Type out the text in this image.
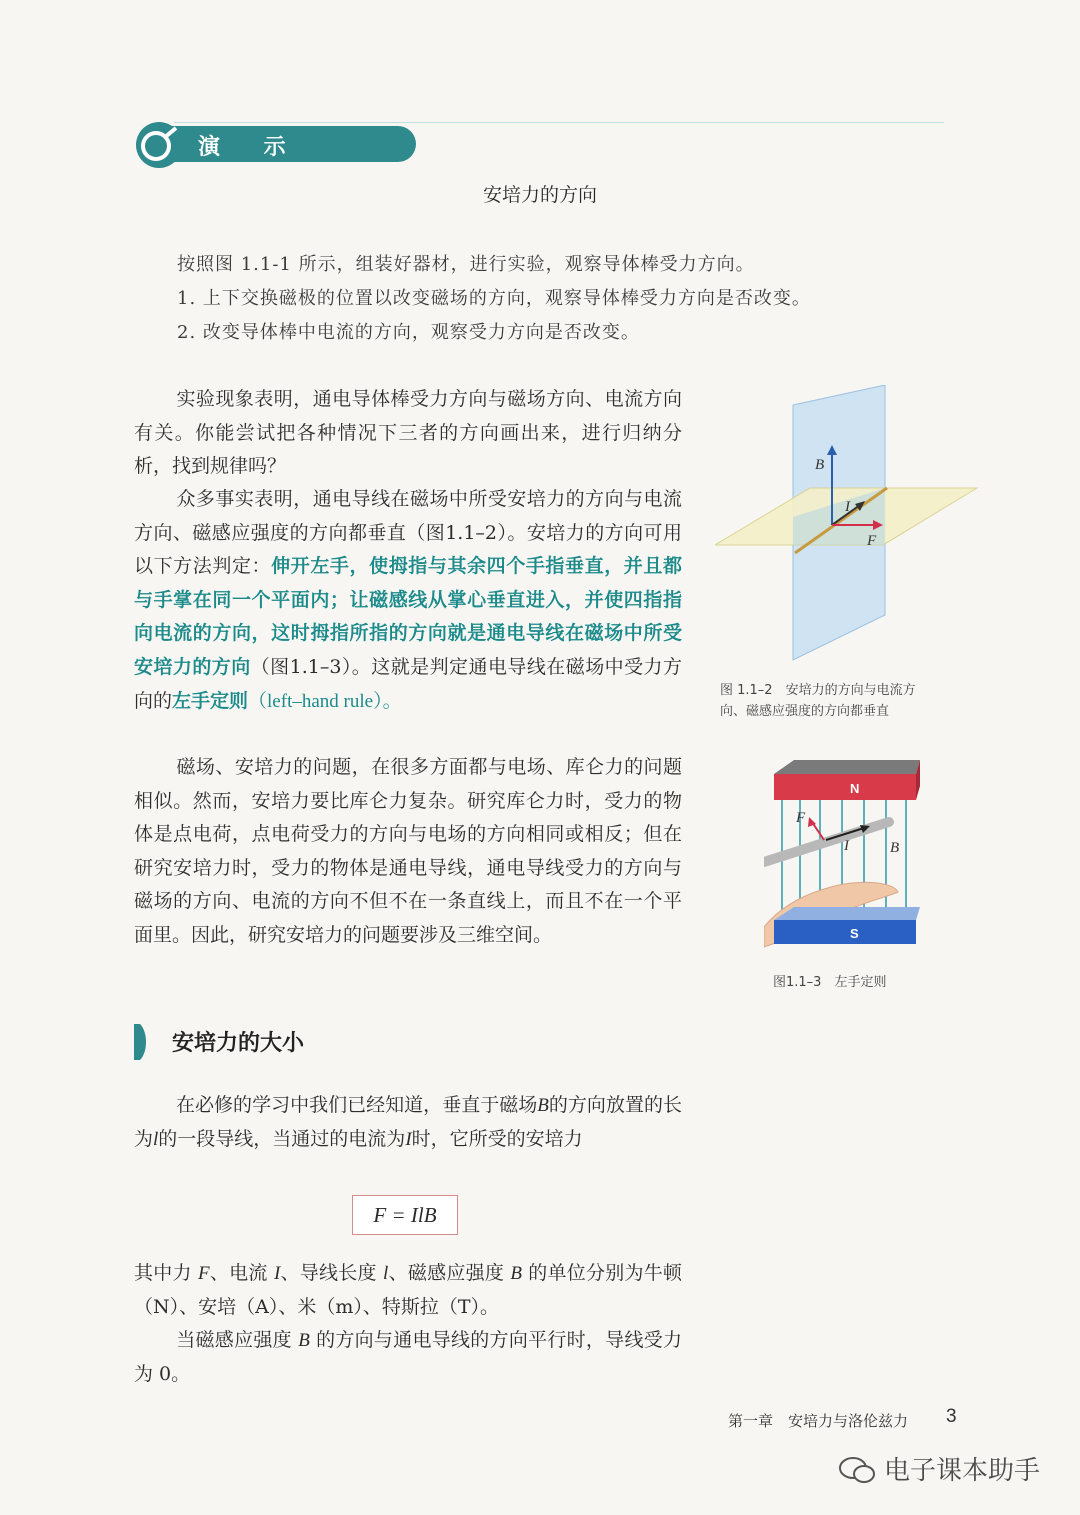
演 示
安培力的方向
按照图 1.1-1 所示，组装好器材，进行实验，观察导体棒受力方向。
1. 上下交换磁极的位置以改变磁场的方向，观察导体棒受力方向是否改变。
2. 改变导体棒中电流的方向，观察受力方向是否改变。
实验现象表明，通电导体棒受力方向与磁场方向、电流方向有关。你能尝试把各种情况下三者的方向画出来，进行归纳分析，找到规律吗？
众多事实表明，通电导线在磁场中所受安培力的方向与电流方向、磁感应强度的方向都垂直（图1.1–2）。安培力的方向可用以下方法判定：伸开左手，使拇指与其余四个手指垂直，并且都与手掌在同一个平面内；让磁感线从掌心垂直进入，并使四指指向电流的方向，这时拇指所指的方向就是通电导线在磁场中所受安培力的方向（图1.1–3）。这就是判定通电导线在磁场中受力方向的左手定则（left–hand rule）。
磁场、安培力的问题，在很多方面都与电场、库仑力的问题相似。然而，安培力要比库仑力复杂。研究库仑力时，受力的物体是点电荷，点电荷受力的方向与电场的方向相同或相反；但在研究安培力时，受力的物体是通电导线，通电导线受力的方向与磁场的方向、电流的方向不但不在一条直线上，而且不在一个平面里。因此，研究安培力的问题要涉及三维空间。
B
I
F
图 1.1–2　安培力的方向与电流方
向、磁感应强度的方向都垂直
N
S
F
I	B
图1.1–3　左手定则
安培力的大小
在必修的学习中我们已经知道，垂直于磁场B的方向放置的长为l的一段导线，当通过的电流为I时，它所受的安培力
F = IlB
其中力 F、电流 I、导线长度 l、磁感应强度 B 的单位分别为牛顿（N）、安培（A）、米（m）、特斯拉（T）。
当磁感应强度 B 的方向与通电导线的方向平行时，导线受力为 0。
第一章　安培力与洛伦兹力 3
电子课本助手
